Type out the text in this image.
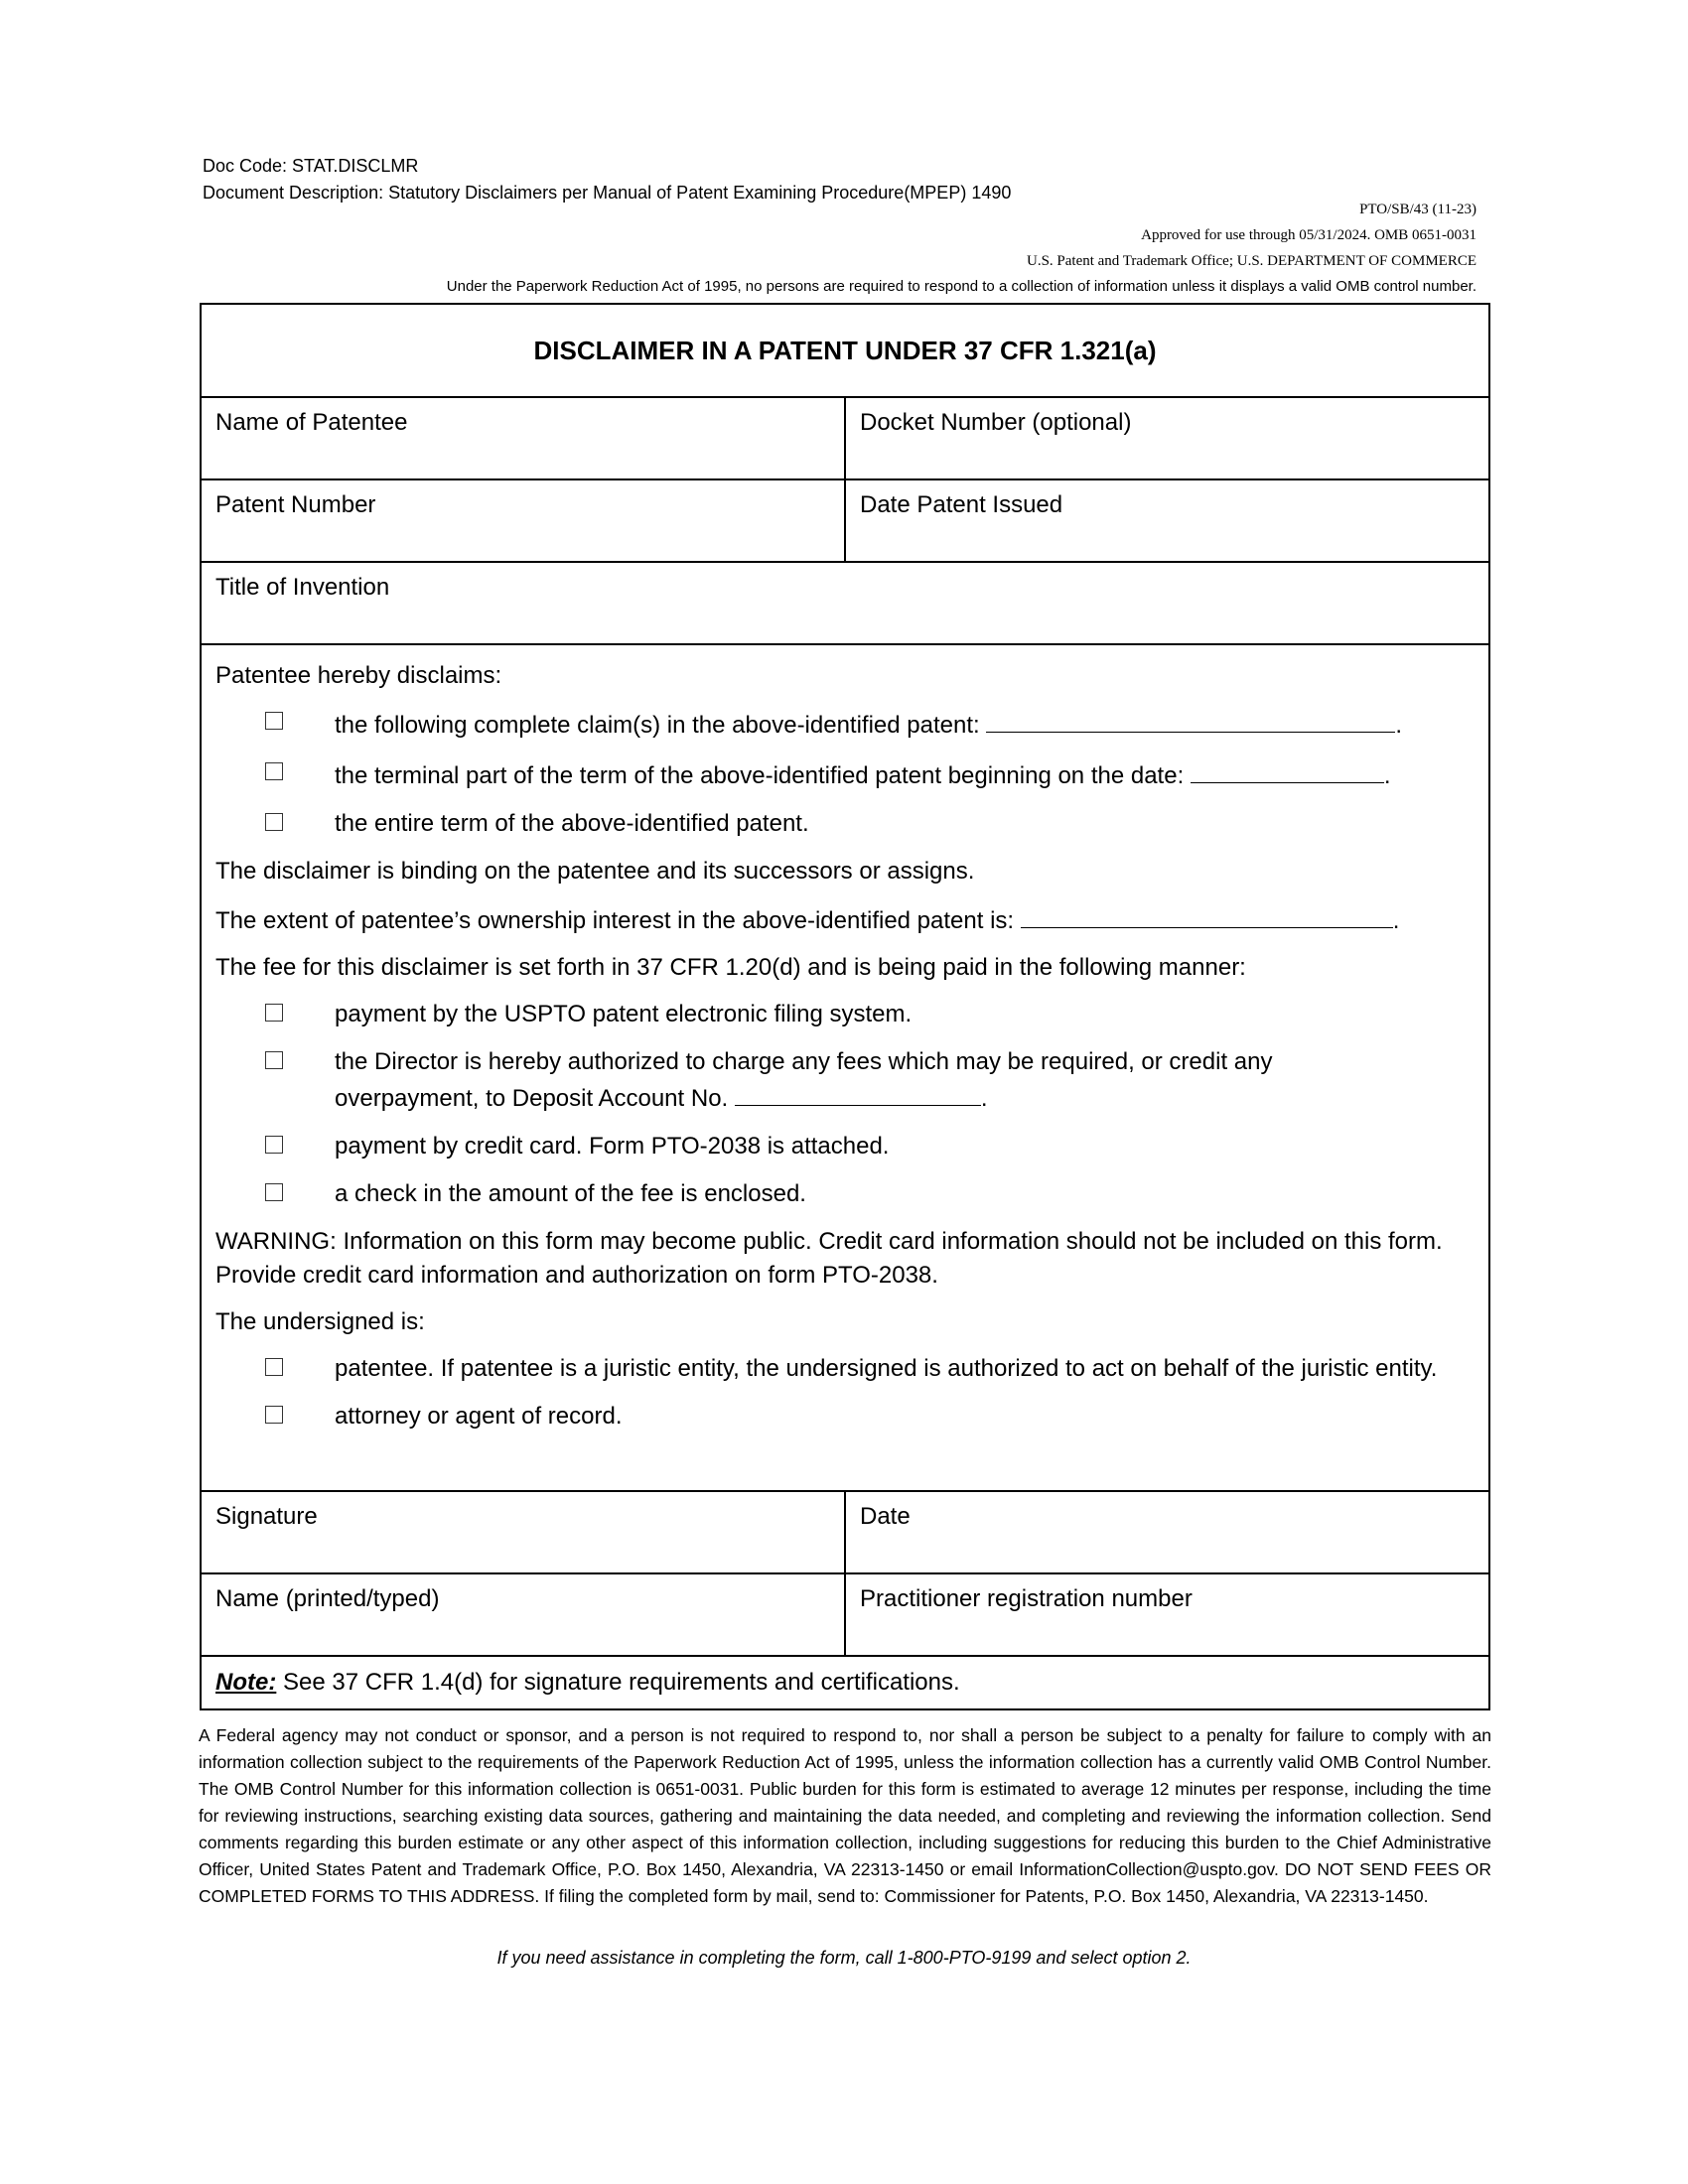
Doc Code: STAT.DISCLMR
Document Description: Statutory Disclaimers per Manual of Patent Examining Procedure(MPEP) 1490
PTO/SB/43 (11-23)
Approved for use through 05/31/2024. OMB 0651-0031
U.S. Patent and Trademark Office; U.S. DEPARTMENT OF COMMERCE
Under the Paperwork Reduction Act of 1995, no persons are required to respond to a collection of information unless it displays a valid OMB control number.
DISCLAIMER IN A PATENT UNDER 37 CFR 1.321(a)
Name of Patentee	Docket Number (optional)
Patent Number	Date Patent Issued
Title of Invention
Patentee hereby disclaims:
the following complete claim(s) in the above-identified patent:	.
the terminal part of the term of the above-identified patent beginning on the date:	.
the entire term of the above-identified patent.
The disclaimer is binding on the patentee and its successors or assigns.
The extent of patentee’s ownership interest in the above-identified patent is:	.
The fee for this disclaimer is set forth in 37 CFR 1.20(d) and is being paid in the following manner:
payment by the USPTO patent electronic filing system.
the Director is hereby authorized to charge any fees which may be required, or credit any
overpayment, to Deposit Account No.	.
payment by credit card. Form PTO-2038 is attached.
a check in the amount of the fee is enclosed.
WARNING: Information on this form may become public. Credit card information should not be included on this form. Provide credit card information and authorization on form PTO-2038.
The undersigned is:
patentee. If patentee is a juristic entity, the undersigned is authorized to act on behalf of the juristic entity.
attorney or agent of record.
Signature	Date
Name (printed/typed)	Practitioner registration number
Note: See 37 CFR 1.4(d) for signature requirements and certifications.
A Federal agency may not conduct or sponsor, and a person is not required to respond to, nor shall a person be subject to a penalty for failure to comply with an information collection subject to the requirements of the Paperwork Reduction Act of 1995, unless the information collection has a currently valid OMB Control Number. The OMB Control Number for this information collection is 0651-0031. Public burden for this form is estimated to average 12 minutes per response, including the time for reviewing instructions, searching existing data sources, gathering and maintaining the data needed, and completing and reviewing the information collection. Send comments regarding this burden estimate or any other aspect of this information collection, including suggestions for reducing this burden to the Chief Administrative Officer, United States Patent and Trademark Office, P.O. Box 1450, Alexandria, VA 22313-1450 or email InformationCollection@uspto.gov. DO NOT SEND FEES OR COMPLETED FORMS TO THIS ADDRESS. If filing the completed form by mail, send to: Commissioner for Patents, P.O. Box 1450, Alexandria, VA 22313-1450.
If you need assistance in completing the form, call 1-800-PTO-9199 and select option 2.
